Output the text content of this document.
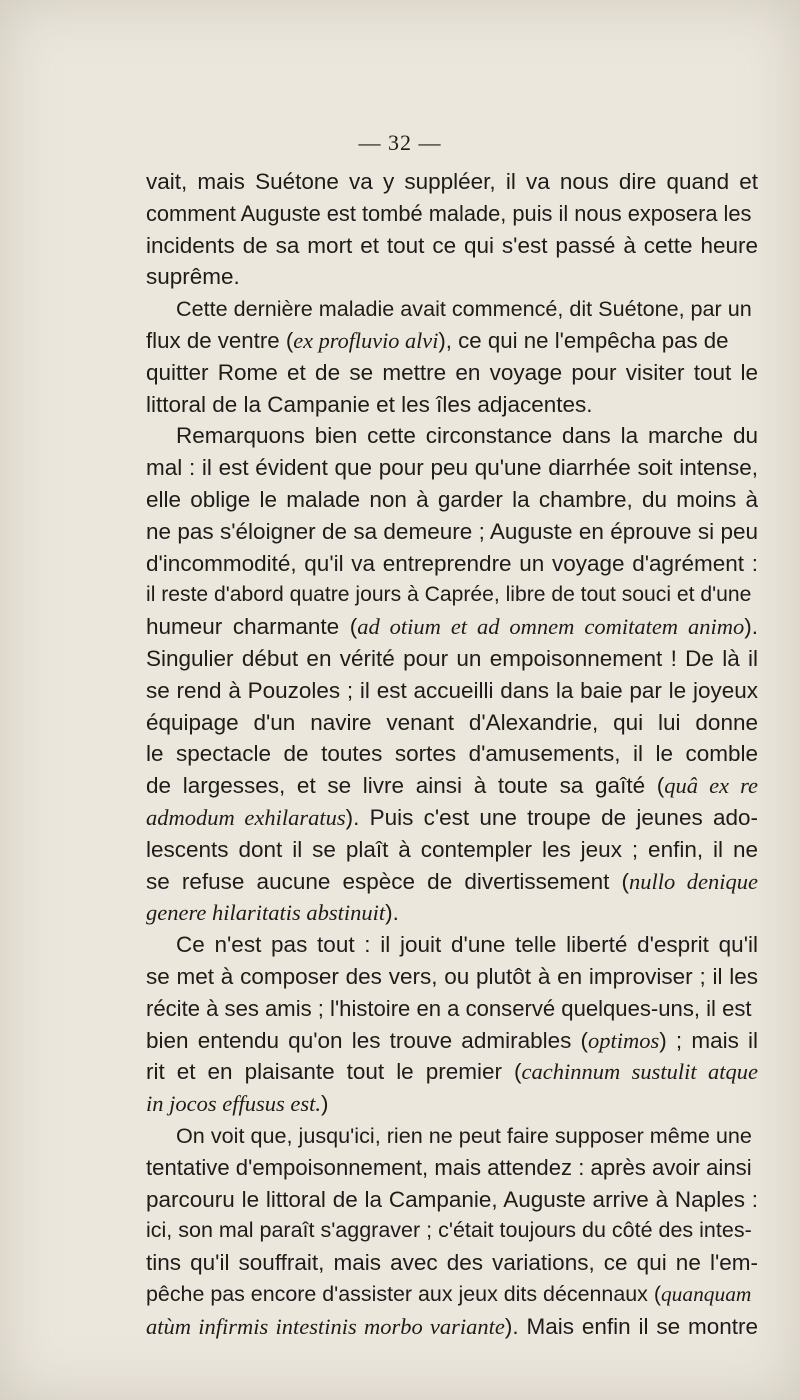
— 32 —
vait, mais Suétone va y suppléer, il va nous dire quand et
comment Auguste est tombé malade, puis il nous exposera les
incidents de sa mort et tout ce qui s'est passé à cette heure
suprême.
Cette dernière maladie avait commencé, dit Suétone, par un
flux de ventre (ex profluvio alvi), ce qui ne l'empêcha pas de
quitter Rome et de se mettre en voyage pour visiter tout le
littoral de la Campanie et les îles adjacentes.
Remarquons bien cette circonstance dans la marche du
mal : il est évident que pour peu qu'une diarrhée soit intense,
elle oblige le malade non à garder la chambre, du moins à
ne pas s'éloigner de sa demeure ; Auguste en éprouve si peu
d'incommodité, qu'il va entreprendre un voyage d'agrément :
il reste d'abord quatre jours à Caprée, libre de tout souci et d'une
humeur charmante (ad otium et ad omnem comitatem animo).
Singulier début en vérité pour un empoisonnement ! De là il
se rend à Pouzoles ; il est accueilli dans la baie par le joyeux
équipage d'un navire venant d'Alexandrie, qui lui donne
le spectacle de toutes sortes d'amusements, il le comble
de largesses, et se livre ainsi à toute sa gaîté (quâ ex re
admodum exhilaratus). Puis c'est une troupe de jeunes ado-
lescents dont il se plaît à contempler les jeux ; enfin, il ne
se refuse aucune espèce de divertissement (nullo denique
genere hilaritatis abstinuit).
Ce n'est pas tout : il jouit d'une telle liberté d'esprit qu'il
se met à composer des vers, ou plutôt à en improviser ; il les
récite à ses amis ; l'histoire en a conservé quelques-uns, il est
bien entendu qu'on les trouve admirables (optimos) ; mais il
rit et en plaisante tout le premier (cachinnum sustulit atque
in jocos effusus est.)
On voit que, jusqu'ici, rien ne peut faire supposer même une
tentative d'empoisonnement, mais attendez : après avoir ainsi
parcouru le littoral de la Campanie, Auguste arrive à Naples :
ici, son mal paraît s'aggraver ; c'était toujours du côté des intes-
tins qu'il souffrait, mais avec des variations, ce qui ne l'em-
pêche pas encore d'assister aux jeux dits décennaux (quanquam
atùm infirmis intestinis morbo variante). Mais enfin il se montre
